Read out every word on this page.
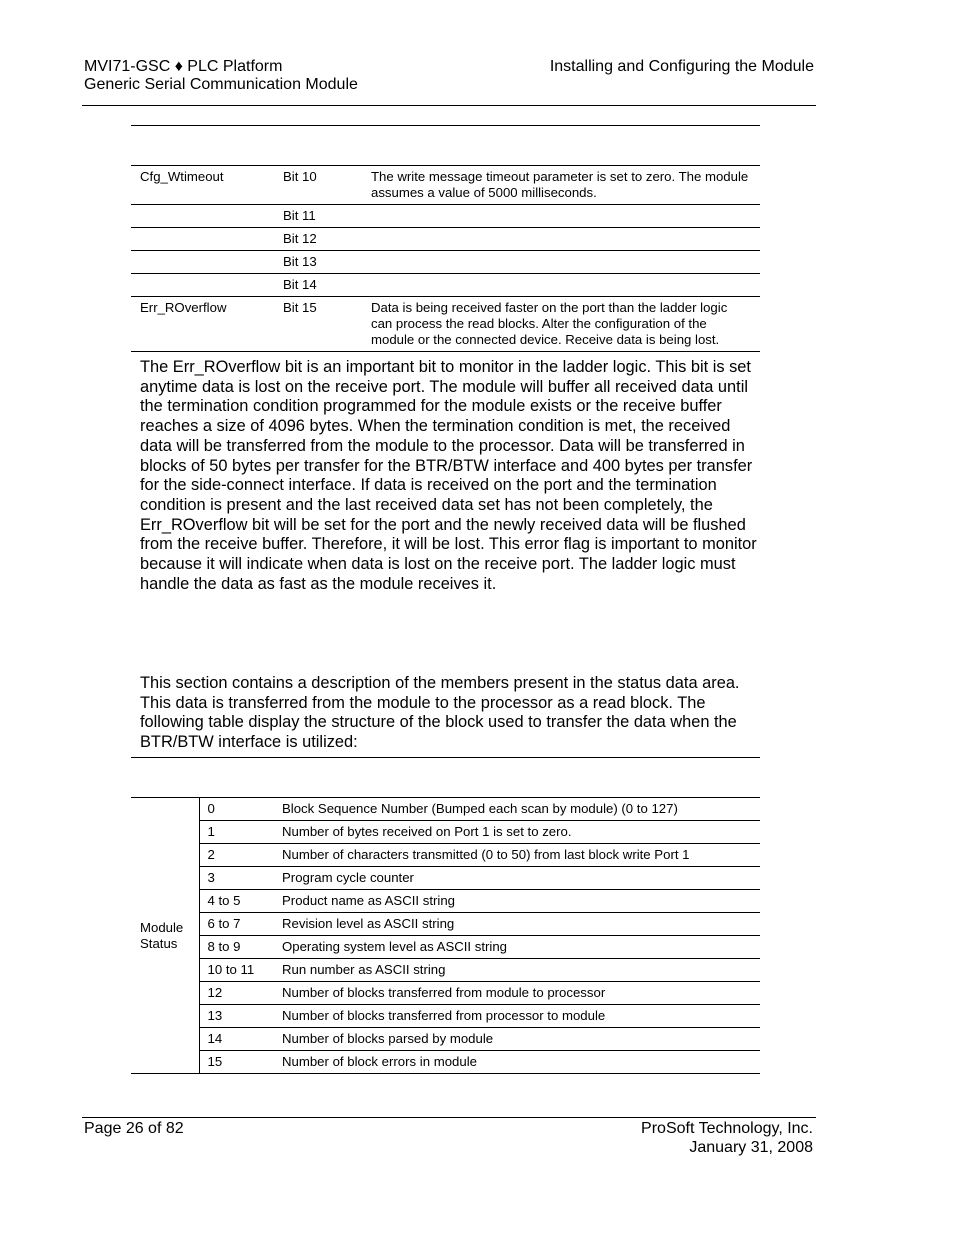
MVI71-GSC ♦ PLC Platform
Generic Serial Communication Module
Installing and Configuring the Module
Cfg_Wtimeout	Bit 10	The write message timeout parameter is set to zero. The module assumes a value of 5000 milliseconds.
	Bit 11	
	Bit 12	
	Bit 13	
	Bit 14	
Err_ROverflow	Bit 15	Data is being received faster on the port than the ladder logic can process the read blocks. Alter the configuration of the module or the connected device. Receive data is being lost.
The Err_ROverflow bit is an important bit to monitor in the ladder logic. This bit is set anytime data is lost on the receive port. The module will buffer all received data until the termination condition programmed for the module exists or the receive buffer reaches a size of 4096 bytes. When the termination condition is met, the received data will be transferred from the module to the processor. Data will be transferred in blocks of 50 bytes per transfer for the BTR/BTW interface and 400 bytes per transfer for the side-connect interface. If data is received on the port and the termination condition is present and the last received data set has not been completely, the Err_ROverflow bit will be set for the port and the newly received data will be flushed from the receive buffer. Therefore, it will be lost. This error flag is important to monitor because it will indicate when data is lost on the receive port. The ladder logic must handle the data as fast as the module receives it.
This section contains a description of the members present in the status data area. This data is transferred from the module to the processor as a read block. The following table display the structure of the block used to transfer the data when the BTR/BTW interface is utilized:
Module Status	0	Block Sequence Number (Bumped each scan by module) (0 to 127)
	1	Number of bytes received on Port 1 is set to zero.
	2	Number of characters transmitted (0 to 50) from last block write Port 1
	3	Program cycle counter
	4 to 5	Product name as ASCII string
	6 to 7	Revision level as ASCII string
	8 to 9	Operating system level as ASCII string
	10 to 11	Run number as ASCII string
	12	Number of blocks transferred from module to processor
	13	Number of blocks transferred from processor to module
	14	Number of blocks parsed by module
	15	Number of block errors in module
Page 26 of 82	ProSoft Technology, Inc.
January 31, 2008
